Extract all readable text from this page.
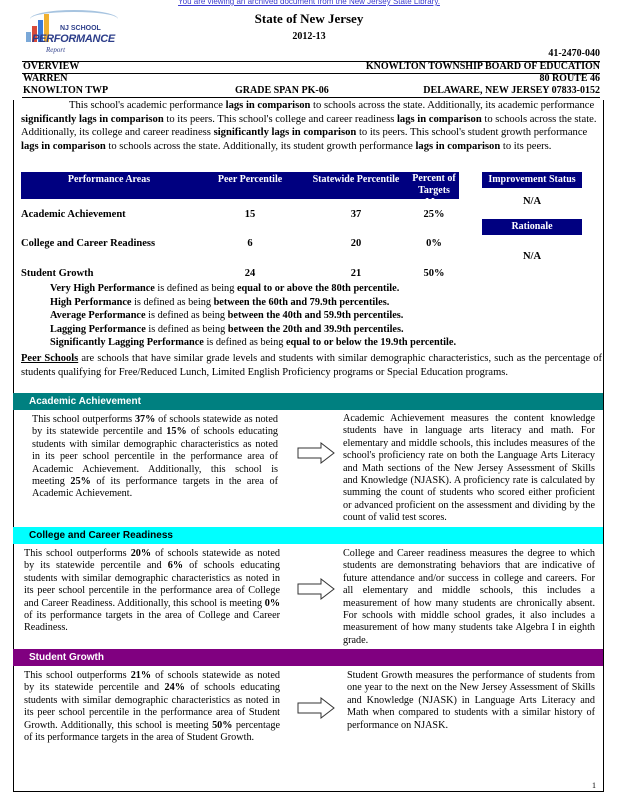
You are viewing an archived document from the New Jersey State Library.
NJ SCHOOL
PERFORMANCE
Report
State of New Jersey
2012-13
41-2470-040
OVERVIEW	KNOWLTON TOWNSHIP BOARD OF EDUCATION
WARREN	80 ROUTE 46
KNOWLTON TWP	GRADE SPAN PK-06	DELAWARE, NEW JERSEY 07833-0152
This school's academic performance lags in comparison to schools across the state. Additionally, its academic performance significantly lags in comparison to its peers. This school's college and career readiness lags in comparison to schools across the state. Additionally, its college and career readiness significantly lags in comparison to its peers. This school's student growth performance lags in comparison to schools across the state. Additionally, its student growth performance lags in comparison to its peers.
Performance Areas	Peer Percentile	Statewide Percentile	Percent of Targets Met
Academic Achievement	15	37	25%
College and Career Readiness	6	20	0%
Student Growth	24	21	50%
Improvement Status
N/A
Rationale
N/A
Very High Performance is defined as being equal to or above the 80th percentile.
High Performance is defined as being between the 60th and 79.9th percentiles.
Average Performance is defined as being between the 40th and 59.9th percentiles.
Lagging Performance is defined as being between the 20th and 39.9th percentiles.
Significantly Lagging Performance is defined as being equal to or below the 19.9th percentile.
Peer Schools are schools that have similar grade levels and students with similar demographic characteristics, such as the percentage of students qualifying for Free/Reduced Lunch, Limited English Proficiency programs or Special Education programs.
Academic Achievement
This school outperforms 37% of schools statewide as noted by its statewide percentile and 15% of schools educating students with similar demographic characteristics as noted in its peer school percentile in the performance area of Academic Achievement. Additionally, this school is meeting 25% of its performance targets in the area of Academic Achievement.
Academic Achievement measures the content knowledge students have in language arts literacy and math. For elementary and middle schools, this includes measures of the school's proficiency rate on both the Language Arts Literacy and Math sections of the New Jersey Assessment of Skills and Knowledge (NJASK). A proficiency rate is calculated by summing the count of students who scored either proficient or advanced proficient on the assessment and dividing by the count of valid test scores.
College and Career Readiness
This school outperforms 20% of schools statewide as noted by its statewide percentile and 6% of schools educating students with similar demographic characteristics as noted in its peer school percentile in the performance area of College and Career Readiness. Additionally, this school is meeting 0% of its performance targets in the area of College and Career Readiness.
College and Career readiness measures the degree to which students are demonstrating behaviors that are indicative of future attendance and/or success in college and careers. For all elementary and middle schools, this includes a measurement of how many students are chronically absent. For schools with middle school grades, it also includes a measurement of how many students take Algebra I in eighth grade.
Student Growth
This school outperforms 21% of schools statewide as noted by its statewide percentile and 24% of schools educating students with similar demographic characteristics as noted in its peer school percentile in the performance area of Student Growth. Additionally, this school is meeting 50% percentage of its performance targets in the area of Student Growth.
Student Growth measures the performance of students from one year to the next on the New Jersey Assessment of Skills and Knowledge (NJASK) in Language Arts Literacy and Math when compared to students with a similar history of performance on NJASK.
1
